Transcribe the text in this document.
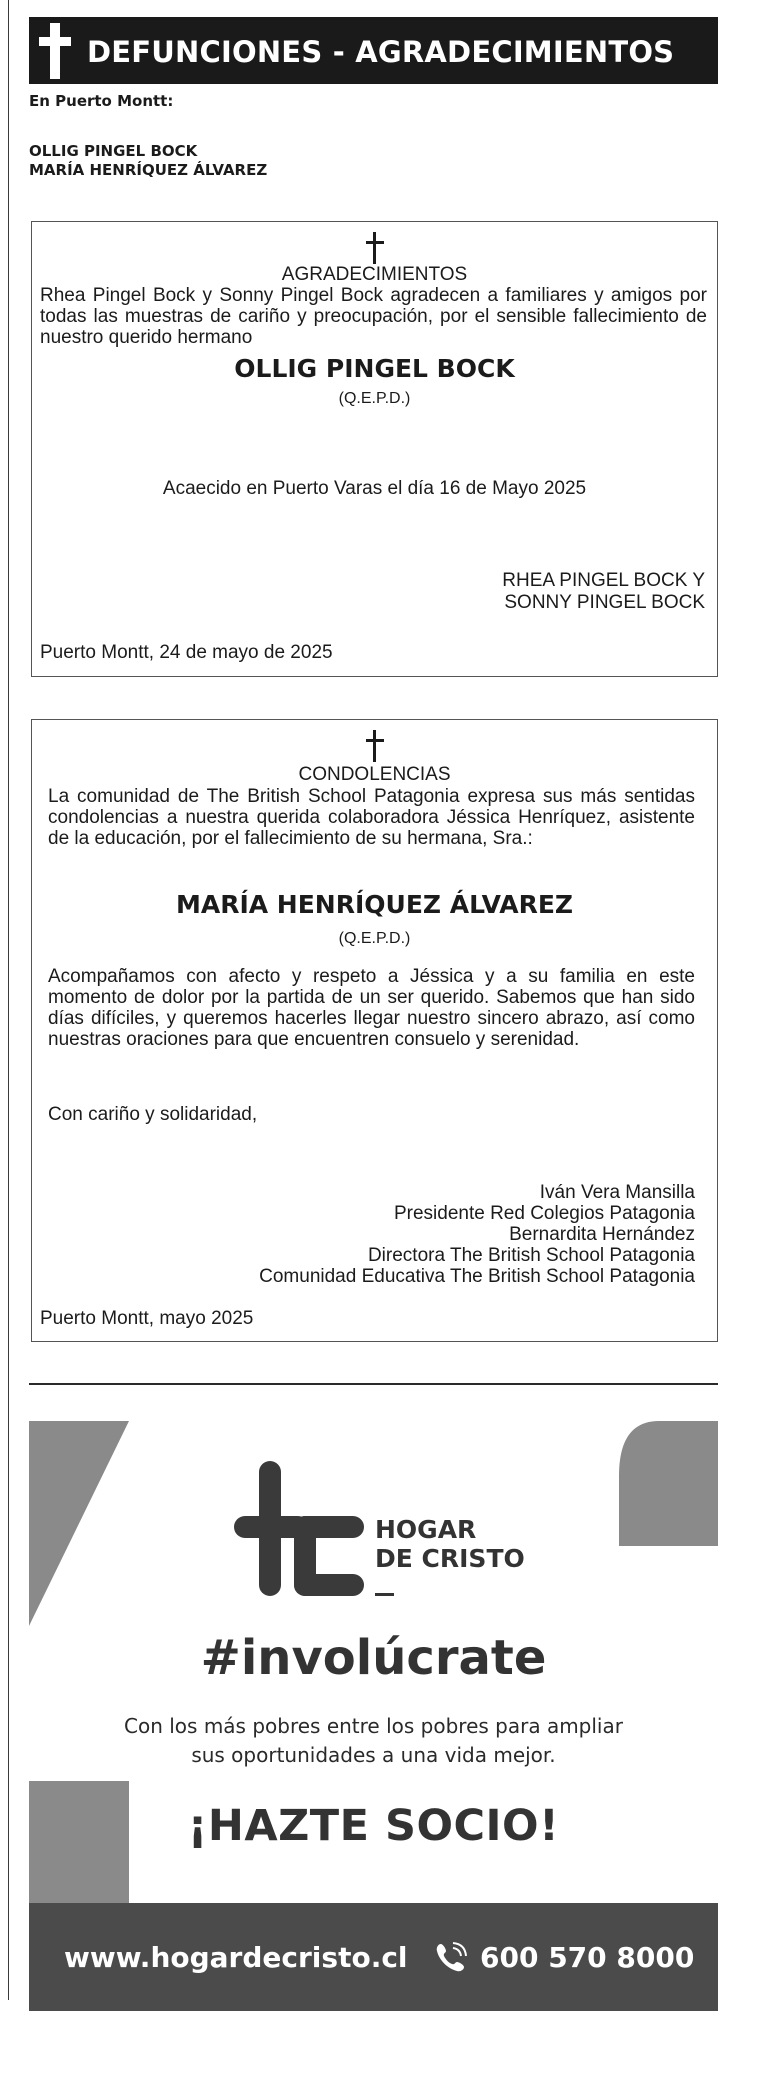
DEFUNCIONES - AGRADECIMIENTOS
En Puerto Montt:
OLLIG PINGEL BOCK
MARÍA HENRÍQUEZ ÁLVAREZ
AGRADECIMIENTOS
Rhea Pingel Bock y Sonny Pingel Bock agradecen a familiares y amigos por todas las muestras de cariño y preocupación, por el sensible fallecimiento de nuestro querido hermano
OLLIG PINGEL BOCK
(Q.E.P.D.)
Acaecido en Puerto Varas el día 16 de Mayo 2025
RHEA PINGEL BOCK Y
SONNY PINGEL BOCK
Puerto Montt, 24 de mayo de 2025
CONDOLENCIAS
La comunidad de The British School Patagonia expresa sus más sentidas condolencias a nuestra querida colaboradora Jéssica Henríquez, asistente de la educación, por el fallecimiento de su hermana, Sra.:
MARÍA HENRÍQUEZ ÁLVAREZ
(Q.E.P.D.)
Acompañamos con afecto y respeto a Jéssica y a su familia en este momento de dolor por la partida de un ser querido. Sabemos que han sido días difíciles, y queremos hacerles llegar nuestro sincero abrazo, así como nuestras oraciones para que encuentren consuelo y serenidad.
Con cariño y solidaridad,
Iván Vera Mansilla
Presidente Red Colegios Patagonia
Bernardita Hernández
Directora The British School Patagonia
Comunidad Educativa The British School Patagonia
Puerto Montt, mayo 2025
HOGAR
DE CRISTO
#involúcrate
Con los más pobres entre los pobres para ampliar
sus oportunidades a una vida mejor.
¡HAZTE SOCIO!
www.hogardecristo.cl	600 570 8000
